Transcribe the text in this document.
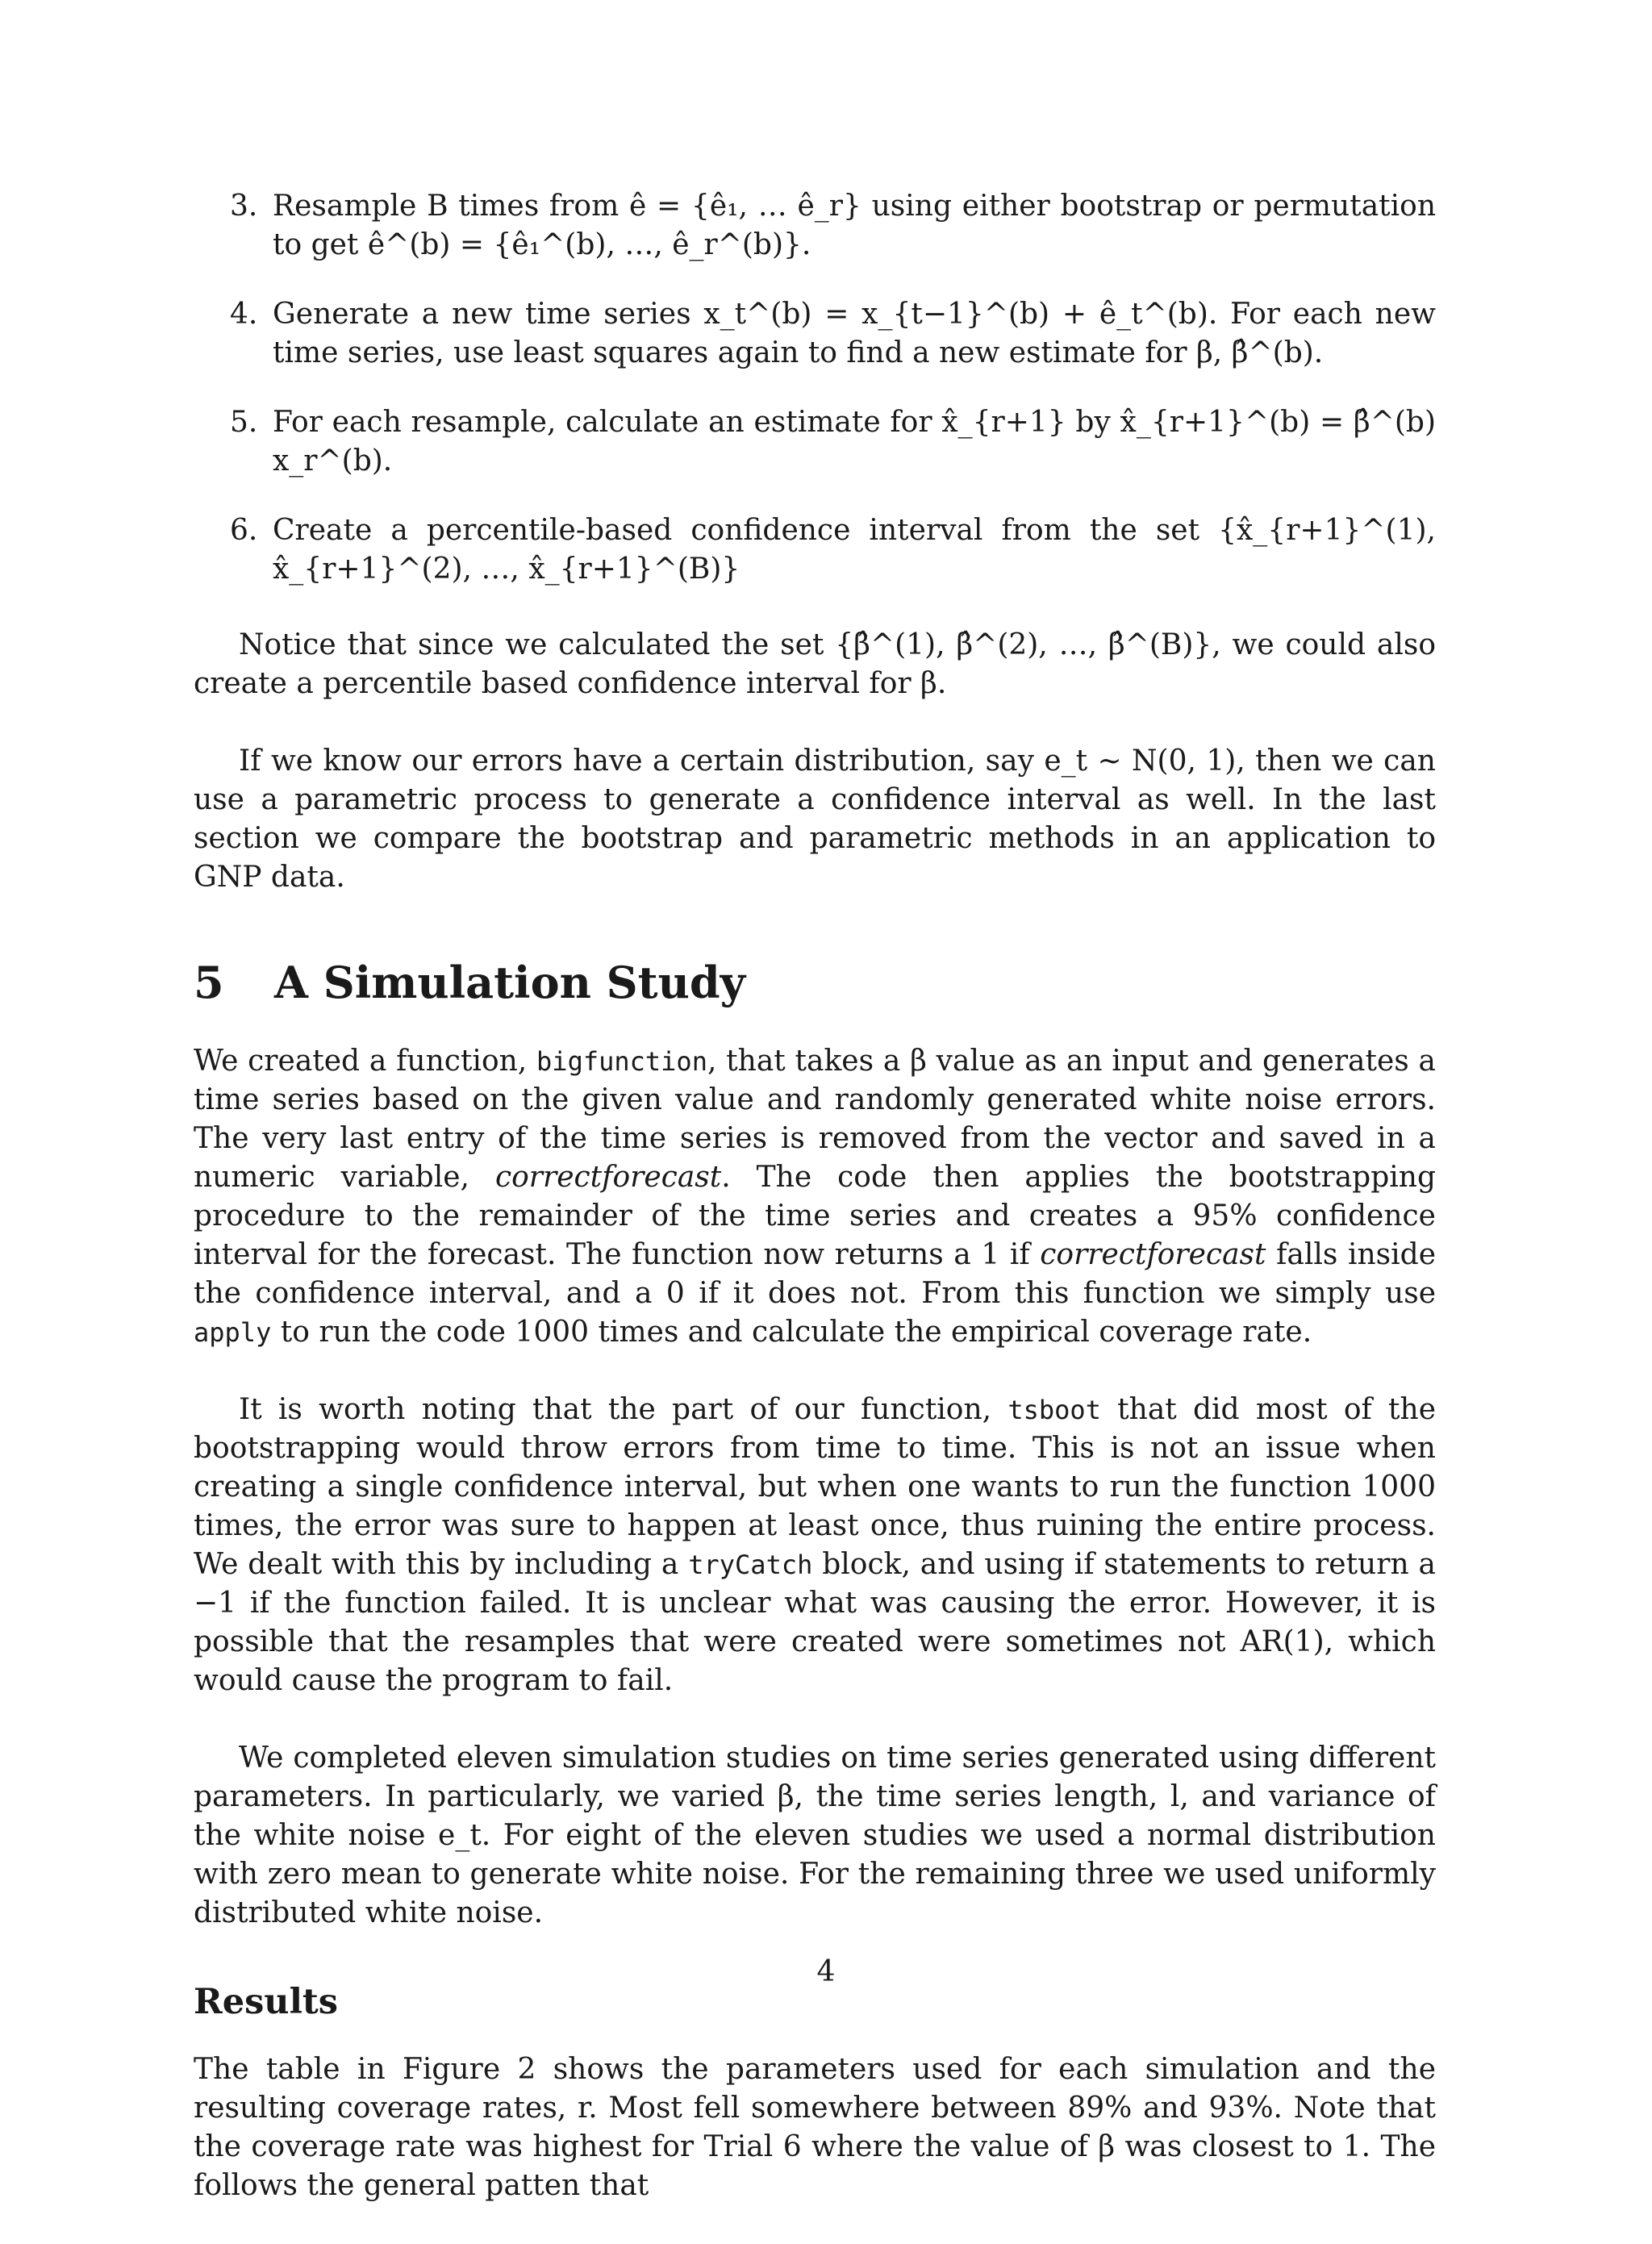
3. Resample B times from ê = {ê₁, … ê_r} using either bootstrap or permutation to get ê^(b) = {ê₁^(b), …, ê_r^(b)}.
4. Generate a new time series x_t^(b) = x_{t−1}^(b) + ê_t^(b). For each new time series, use least squares again to find a new estimate for β, β̂^(b).
5. For each resample, calculate an estimate for x̂_{r+1} by x̂_{r+1}^(b) = β̂^(b) x_r^(b).
6. Create a percentile-based confidence interval from the set {x̂_{r+1}^(1), x̂_{r+1}^(2), …, x̂_{r+1}^(B)}

Notice that since we calculated the set {β̂^(1), β̂^(2), …, β̂^(B)}, we could also create a percentile based confidence interval for β.

If we know our errors have a certain distribution, say e_t ∼ N(0, 1), then we can use a parametric process to generate a confidence interval as well. In the last section we compare the bootstrap and parametric methods in an application to GNP data.

5 A Simulation Study

We created a function, bigfunction, that takes a β value as an input and generates a time series based on the given value and randomly generated white noise errors. The very last entry of the time series is removed from the vector and saved in a numeric variable, correctforecast. The code then applies the bootstrapping procedure to the remainder of the time series and creates a 95% confidence interval for the forecast. The function now returns a 1 if correctforecast falls inside the confidence interval, and a 0 if it does not. From this function we simply use apply to run the code 1000 times and calculate the empirical coverage rate.

It is worth noting that the part of our function, tsboot that did most of the bootstrapping would throw errors from time to time. This is not an issue when creating a single confidence interval, but when one wants to run the function 1000 times, the error was sure to happen at least once, thus ruining the entire process. We dealt with this by including a tryCatch block, and using if statements to return a −1 if the function failed. It is unclear what was causing the error. However, it is possible that the resamples that were created were sometimes not AR(1), which would cause the program to fail.

We completed eleven simulation studies on time series generated using different parameters. In particularly, we varied β, the time series length, l, and variance of the white noise e_t. For eight of the eleven studies we used a normal distribution with zero mean to generate white noise. For the remaining three we used uniformly distributed white noise.

Results

The table in Figure 2 shows the parameters used for each simulation and the resulting coverage rates, r. Most fell somewhere between 89% and 93%. Note that the coverage rate was highest for Trial 6 where the value of β was closest to 1. The follows the general patten that

4
